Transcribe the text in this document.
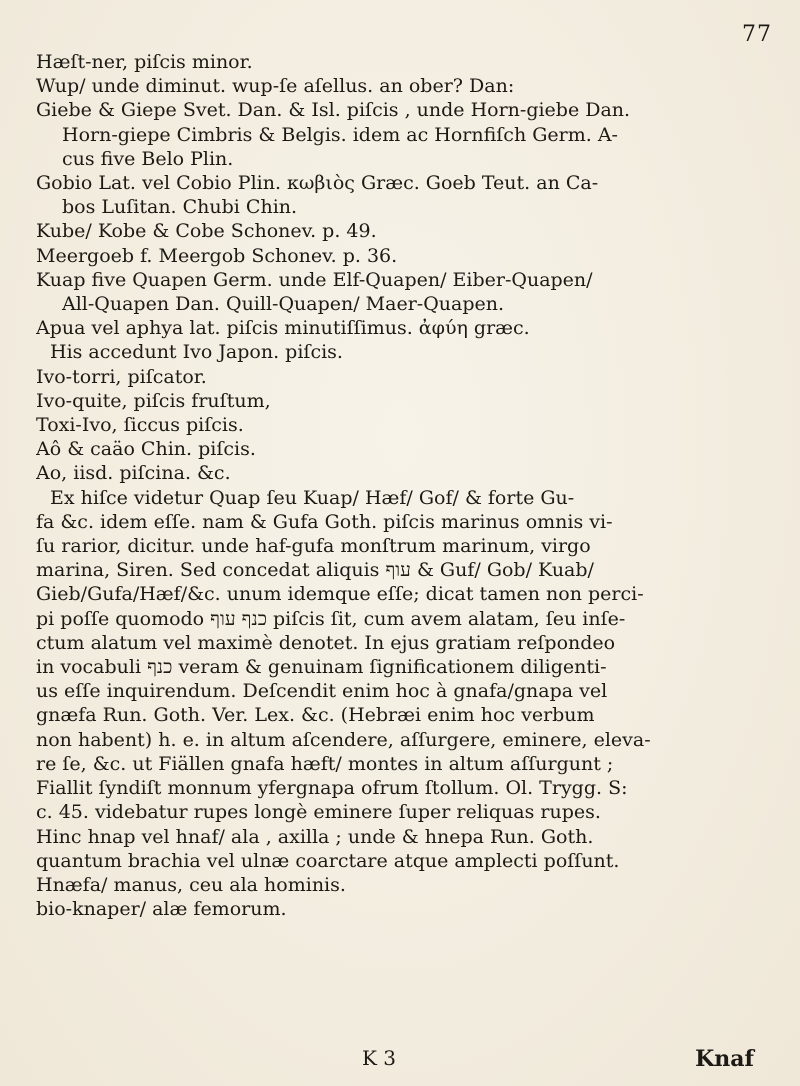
77
Hæſt-ner, piſcis minor.
Wup/ unde diminut. wup-ſe aſellus. an ober? Dan:
Giebe & Giepe Svet. Dan. & Isl. piſcis , unde Horn-giebe Dan.
Horn-giepe Cimbris & Belgis. idem ac Hornfiſch Germ. A-
cus five Belo Plin.
Gobio Lat. vel Cobio Plin. κωβιὸς Græc. Goeb Teut. an Ca-
bos Luſitan. Chubi Chin.
Kube/ Kobe & Cobe Schonev. p. 49.
Meergoeb f. Meergob Schonev. p. 36.
Kuap five Quapen Germ. unde Elf-Quapen/ Eiber-Quapen/
All-Quapen Dan. Quill-Quapen/ Maer-Quapen.
Apua vel aphya lat. piſcis minutiſſimus. ἀφύη græc.
His accedunt Ivo Japon. piſcis.
Ivo-torri, piſcator.
Ivo-quite, piſcis fruſtum,
Toxi-Ivo, ſiccus piſcis.
Aô & caäo Chin. piſcis.
Ao, iisd. piſcina. &c.
Ex hiſce videtur Quap ſeu Kuap/ Hæf/ Gof/ & forte Gu-
fa &c. idem eſſe. nam & Gufa Goth. piſcis marinus omnis vi-
ſu rarior, dicitur. unde haf-gufa monſtrum marinum, virgo
marina, Siren. Sed concedat aliquis עוף & Guf/ Gob/ Kuab/
Gieb/Gufa/Hæf/&c. unum idemque eſſe; dicat tamen non perci-
pi poſſe quomodo כנף עוף piſcis ſit, cum avem alatam, ſeu inſe-
ctum alatum vel maximè denotet. In ejus gratiam reſpondeo
in vocabuli כנף veram & genuinam ſignificationem diligenti-
us eſſe inquirendum. Deſcendit enim hoc à gnafa/gnapa vel
gnæfa Run. Goth. Ver. Lex. &c. (Hebræi enim hoc verbum
non habent) h. e. in altum aſcendere, aſſurgere, eminere, eleva-
re ſe, &c. ut Fiällen gnafa hæft/ montes in altum aſſurgunt ;
Fiallit ſyndiſt monnum yfergnapa ofrum ſtollum. Ol. Trygg. S:
c. 45. videbatur rupes longè eminere ſuper reliquas rupes.
Hinc hnap vel hnaf/ ala , axilla ; unde & hnepa Run. Goth.
quantum brachia vel ulnæ coarctare atque amplecti poſſunt.
Hnæfa/ manus, ceu ala hominis.
bio-knaper/ alæ femorum.
K 3	Knaf
